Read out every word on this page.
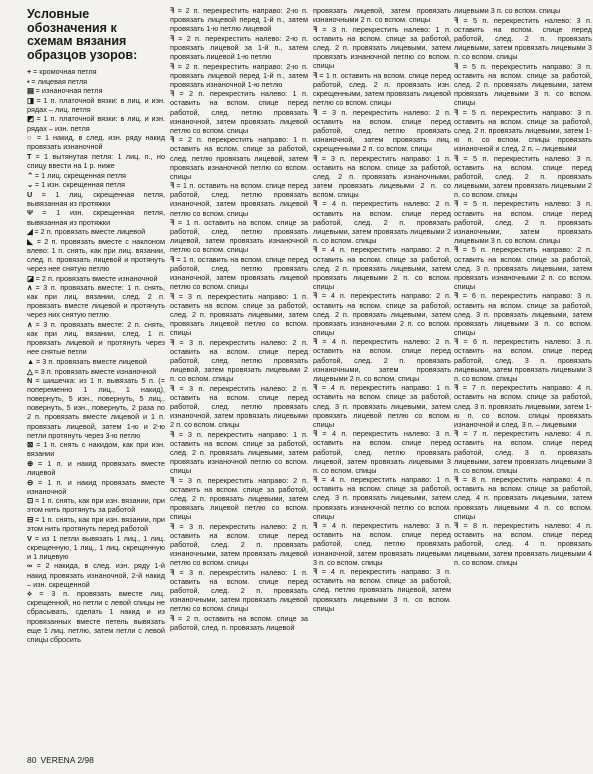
Условные обозначения к схемам вязания образцов узоров:
+ = кромочная петля
▪ = лицевая петля
▤ = изнаночная петля
◨ = 1 п. платочной вязки: в лиц. и изн. рядах – лиц. петля
◩ = 1 п. платочной вязки: в лиц. и изн. рядах – изн. петля
○ = 1 накид, в след. изн. ряду накид провязать изнаночной
T = 1 вытянутая петля: 1 лиц. п., но спицу ввести на 1 р. ниже
⌃ = 1 лиц. скрещенная петля
⌄ = 1 изн. скрещенная петля
U = 1 лиц. скрещенная петля, вывязанная из протяжки
Ψ = 1 изн. скрещенная петля, вывязанная из протяжки
◢ = 2 п. провязать вместе лицевой
◣ = 2 п. провязать вместе с наклоном влево: 1 п. снять, как при лиц. вязании, след. п. провязать лицевой и протянуть через нее снятую петлю
◪ = 2 п. провязать вместе изнаночной
∧ = 3 п. провязать вместе: 1 п. снять, как при лиц. вязании, след. 2 п. провязать вместе лицевой и протянуть через них снятую петлю
∧ = 3 п. провязать вместе: 2 п. снять, как при лиц. вязании, след. 1 п. провязать лицевой и протянуть через нее снятые петли
▲ = 3 п. провязать вместе лицевой
△ = 3 п. провязать вместе изнаночной
N = шишечка: из 1 п. вывязать 5 п. (= попеременно 1 лиц., 1 накид), повернуть, 5 изн., повернуть, 5 лиц., повернуть, 5 изн., повернуть, 2 раза по 2 п. провязать вместе лицевой и 1 п. провязать лицевой, затем 1-ю и 2-ю петли протянуть через 3-ю петлю
⊠ = 1 п. снять с накидом, как при изн. вязании
⊕ = 1 п. и накид провязать вместе лицевой
⊖ = 1 п. и накид провязать вместе изнаночной
⊡ = 1 п. снять, как при изн. вязании, при этом нить протянуть за работой
⊟ = 1 п. снять, как при изн. вязании, при этом нить протянуть перед работой
V = из 1 петли вывязать 1 лиц., 1 лиц. скрещенную, 1 лиц., 1 лиц. скрещенную и 1 лицевую
∞ = 2 накида, в след. изн. ряду 1-й накид провязать изнаночной, 2-й накид – изн. скрещенной
⟡ = 3 п. провязать вместе лиц. скрещенной, но петли с левой спицы не сбрасывать, сделать 1 накид и из провязанных вместе петель вывязать еще 1 лиц. петлю, затем петли с левой спицы сбросить
ꟻ = 2 п. перекрестить направо: 2-ю п. провязать лицевой перед 1-й п., затем провязать 1-ю петлю лицевой
ꟻ = 2 п. перекрестить налево: 2-ю п. провязать лицевой за 1-й п., затем провязать лицевой 1-ю петлю
ꟻ = 2 п. перекрестить направо: 2-ю п. провязать лицевой перед 1-й п., затем провязать изнаночной 1-ю петлю
ꟻ = 2 п. перекрестить налево: 1 п. оставить на вспом. спице перед работой, след. петлю провязать изнаночной, затем провязать лицевой петлю со вспом. спицы
ꟻ = 2 п. перекрестить направо: 1 п. оставить на вспом. спице за работой, след. петлю провязать лицевой, затем провязать изнаночной петлю со вспом. спицы
ꟻ = 1 п. оставить на вспом. спице перед работой, след. петлю провязать изнаночной, затем провязать лицевой петлю со вспом. спицы
ꟻ = 1 п. оставить на вспом. спице за работой, след. петлю провязать лицевой, затем провязать изнаночной петлю со вспом. спицы
ꟻ = 1 п. оставить на вспом. спице перед работой, след. петлю провязать изнаночной, затем провязать лицевой петлю со вспом. спицы
ꟻ = 3 п. перекрестить направо: 1 п. оставить на вспом. спице за работой, след. 2 п. провязать лицевыми, затем провязать лицевой петлю со вспом. спицы
ꟻ = 3 п. перекрестить налево: 2 п. оставить на вспом. спице перед работой, след. петлю провязать лицевой, затем провязать лицевыми 2 п. со вспом. спицы
ꟻ = 3 п. перекрестить налево: 2 п. оставить на вспом. спице перед работой, след. петлю провязать изнаночной, затем провязать лицевыми 2 п. со вспом. спицы
ꟻ = 3 п. перекрестить направо: 1 п. оставить на вспом. спице за работой, след. 2 п. провязать лицевыми, затем провязать изнаночной петлю со вспом. спицы
ꟻ = 3 п. перекрестить направо: 2 п. оставить на вспом. спице за работой, след. 2 п. провязать лицевыми, затем провязать лицевой петлю со вспом. спицы
ꟻ = 3 п. перекрестить налево: 2 п. оставить на вспом. спице перед работой, след. 2 п. провязать изнаночными, затем провязать лицевой петлю со вспом. спицы
ꟻ = 3 п. перекрестить налево: 1 п. оставить на вспом. спице перед работой, след. 2 п. провязать изнаночными, затем провязать лицевой петлю со вспом. спицы
ꟻ = 2 п. оставить на вспом. спице за работой, след. п. провязать лицевой
провязать лицевой, затем провязать изнаночными 2 п. со вспом. спицы
ꟻ = 3 п. перекрестить налево: 1 п. оставить на вспом. спице за работой, след. 2 п. провязать лицевыми, затем провязать изнаночной петлю со вспом. спицы
ꟻ = 1 п. оставить на вспом. спице перед работой, след. 2 п. провязать изн. скрещенными, затем провязать лицевой петлю со вспом. спицы
ꟻ = 3 п. перекрестить налево: 2 п. оставить на вспом. спице перед работой, след. петлю провязать изнаночной, затем провязать лиц. скрещенными 2 п. со вспом. спицы
ꟻ = 3 п. перекрестить направо: 1 п. оставить на вспом. спице за работой, след. 2 п. провязать изнаночными, затем провязать лицевыми 2 п. со вспом. спицы
ꟻ = 4 п. перекрестить налево: 2 п. оставить на вспом. спице перед работой, след. 2 п. провязать лицевыми, затем провязать лицевыми 2 п. со вспом. спицы
ꟻ = 4 п. перекрестить направо: 2 п. оставить на вспом. спице за работой, след. 2 п. провязать лицевыми, затем провязать лицевыми 2 п. со вспом. спицы
ꟻ = 4 п. перекрестить направо: 2 п. оставить на вспом. спице за работой, след. 2 п. провязать лицевыми, затем провязать изнаночными 2 п. со вспом. спицы
ꟻ = 4 п. перекрестить налево: 2 п. оставить на вспом. спице перед работой, след. 2 п. провязать изнаночными, затем провязать лицевыми 2 п. со вспом. спицы
ꟻ = 4 п. перекрестить направо: 1 п. оставить на вспом. спице за работой, след. 3 п. провязать лицевыми, затем провязать лицевой петлю со вспом. спицы
ꟻ = 4 п. перекрестить налево: 3 п. оставить на вспом. спице перед работой, след. петлю провязать лицевой, затем провязать лицевыми 3 п. со вспом. спицы
ꟻ = 4 п. перекрестить направо: 1 п. оставить на вспом. спице за работой, след. 3 п. провязать лицевыми, затем провязать изнаночной петлю со вспом. спицы
ꟻ = 4 п. перекрестить налево: 3 п. оставить на вспом. спице перед работой, след. петлю провязать изнаночной, затем провязать лицевыми 3 п. со вспом. спицы
ꟻ = 4 п. перекрестить направо: 3 п. оставить на вспом. спице за работой, след. петлю провязать лицевой, затем провязать лицевыми 3 п. со вспом. спицы
лицевыми 3 п. со вспом. спицы
ꟻ = 5 п. перекрестить налево: 3 п. оставить на вспом. спице перед работой, след. 2 п. провязать лицевыми, затем провязать лицевыми 3 п. со вспом. спицы
ꟻ = 5 п. перекрестить направо: 3 п. оставить на вспом. спице за работой, след. 2 п. провязать лицевыми, затем провязать лицевыми 3 п. со вспом. спицы
ꟻ = 5 п. перекрестить направо: 3 п. оставить на вспом. спице за работой, след. 2 п. провязать лицевыми, затем 1-ю п. со вспом. спицы провязать изнаночной и след. 2 п. – лицевыми
ꟻ = 5 п. перекрестить налево: 3 п. оставить на вспом. спице перед работой, след. 2 п. провязать лицевыми, затем провязать лицевыми 2 п. со вспом. спицы
ꟻ = 5 п. перекрестить налево: 3 п. оставить на вспом. спице перед работой, след. 2 п. провязать изнаночными, затем провязать лицевыми 3 п. со вспом. спицы
ꟻ = 5 п. перекрестить направо: 2 п. оставить на вспом. спице за работой, след. 3 п. провязать лицевыми, затем провязать изнаночными 2 п. со вспом. спицы
ꟻ = 6 п. перекрестить направо: 3 п. оставить на вспом. спице за работой, след. 3 п. провязать лицевыми, затем провязать лицевыми 3 п. со вспом. спицы
ꟻ = 6 п. перекрестить налево: 3 п. оставить на вспом. спице перед работой, след. 3 п. провязать лицевыми, затем провязать лицевыми 3 п. со вспом. спицы
ꟻ = 7 п. перекрестить направо: 4 п. оставить на вспом. спице за работой, след. 3 п. провязать лицевыми, затем 1-ю п. со вспом. спицы провязать изнаночной и след. 3 п. – лицевыми
ꟻ = 7 п. перекрестить налево: 4 п. оставить на вспом. спице перед работой, след. 3 п. провязать лицевыми, затем провязать лицевыми 3 п. со вспом. спицы
ꟻ = 8 п. перекрестить направо: 4 п. оставить на вспом. спице за работой, след. 4 п. провязать лицевыми, затем провязать лицевыми 4 п. со вспом. спицы
ꟻ = 8 п. перекрестить налево: 4 п. оставить на вспом. спице перед работой, след. 4 п. провязать лицевыми, затем провязать лицевыми 4 п. со вспом. спицы
80 VERENA 2/98
